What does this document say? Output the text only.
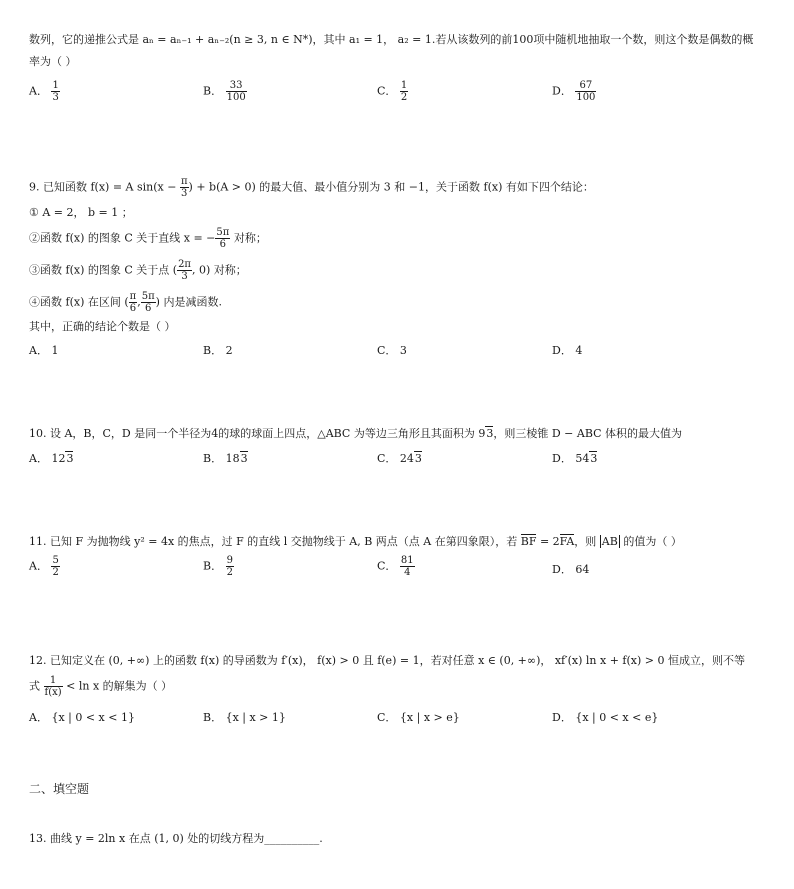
数列，它的递推公式是 aₙ = aₙ₋₁ + aₙ₋₂(n ≥ 3, n ∈ N*)，其中 a₁ = 1， a₂ = 1.若从该数列的前100项中随机地抽取一个数，则这个数是偶数的概
率为（ ）
A． $\frac{1}{3}$	B． $\frac{33}{100}$	C． $\frac{1}{2}$	D． $\frac{67}{100}$
9. 已知函数 f(x) = A $\sin(x - \frac{\pi}{3}$ ) + b(A > 0) 的最大值、最小值分别为 3 和 −1，关于函数 f(x) 有如下四个结论：
① A = 2， b = 1 ；
②函数 f(x) 的图象 C 关于直线 x = − $\frac{5\pi}{6}$ 对称；
③函数 f(x) 的图象 C 关于点 ( $\frac{2\pi}{3}$ , 0) 对称；
④函数 f(x) 在区间 ( $\frac{\pi}{6}$ , $\frac{5\pi}{6}$ ) 内是减函数.
其中，正确的结论个数是（ ）
A． 1	B． 2	C． 3	D． 4
10. 设 A，B，C，D 是同一个半径为4的球的球面上四点，△ABC 为等边三角形且其面积为 93，则三棱锥 D − ABC 体积的最大值为
A． 123	B． 183	C． 243	D． 543
11. 已知 F 为抛物线 y² = 4x 的焦点，过 F 的直线 l 交抛物线于 A, B 两点（点 A 在第四象限），若 BF = 2FA，则 AB 的值为（ ）
A． $\frac{5}{2}$	B． $\frac{9}{2}$	C． $\frac{81}{4}$	D． 64
12. 已知定义在 (0, +∞) 上的函数 f(x) 的导函数为 f′(x)， f(x) > 0 且 f(e) = 1，若对任意 x ∈ (0, +∞)， xf′(x) ln x + f(x) > 0 恒成立，则不等
式 $\frac{1}{f(x)} < \ln x$ 的解集为（ ）
A． {x | 0 < x < 1}	B． {x | x > 1}	C． {x | x > e}	D． {x | 0 < x < e}
二、填空题
13. 曲线 y = 2ln x 在点 (1, 0) 处的切线方程为__________.
